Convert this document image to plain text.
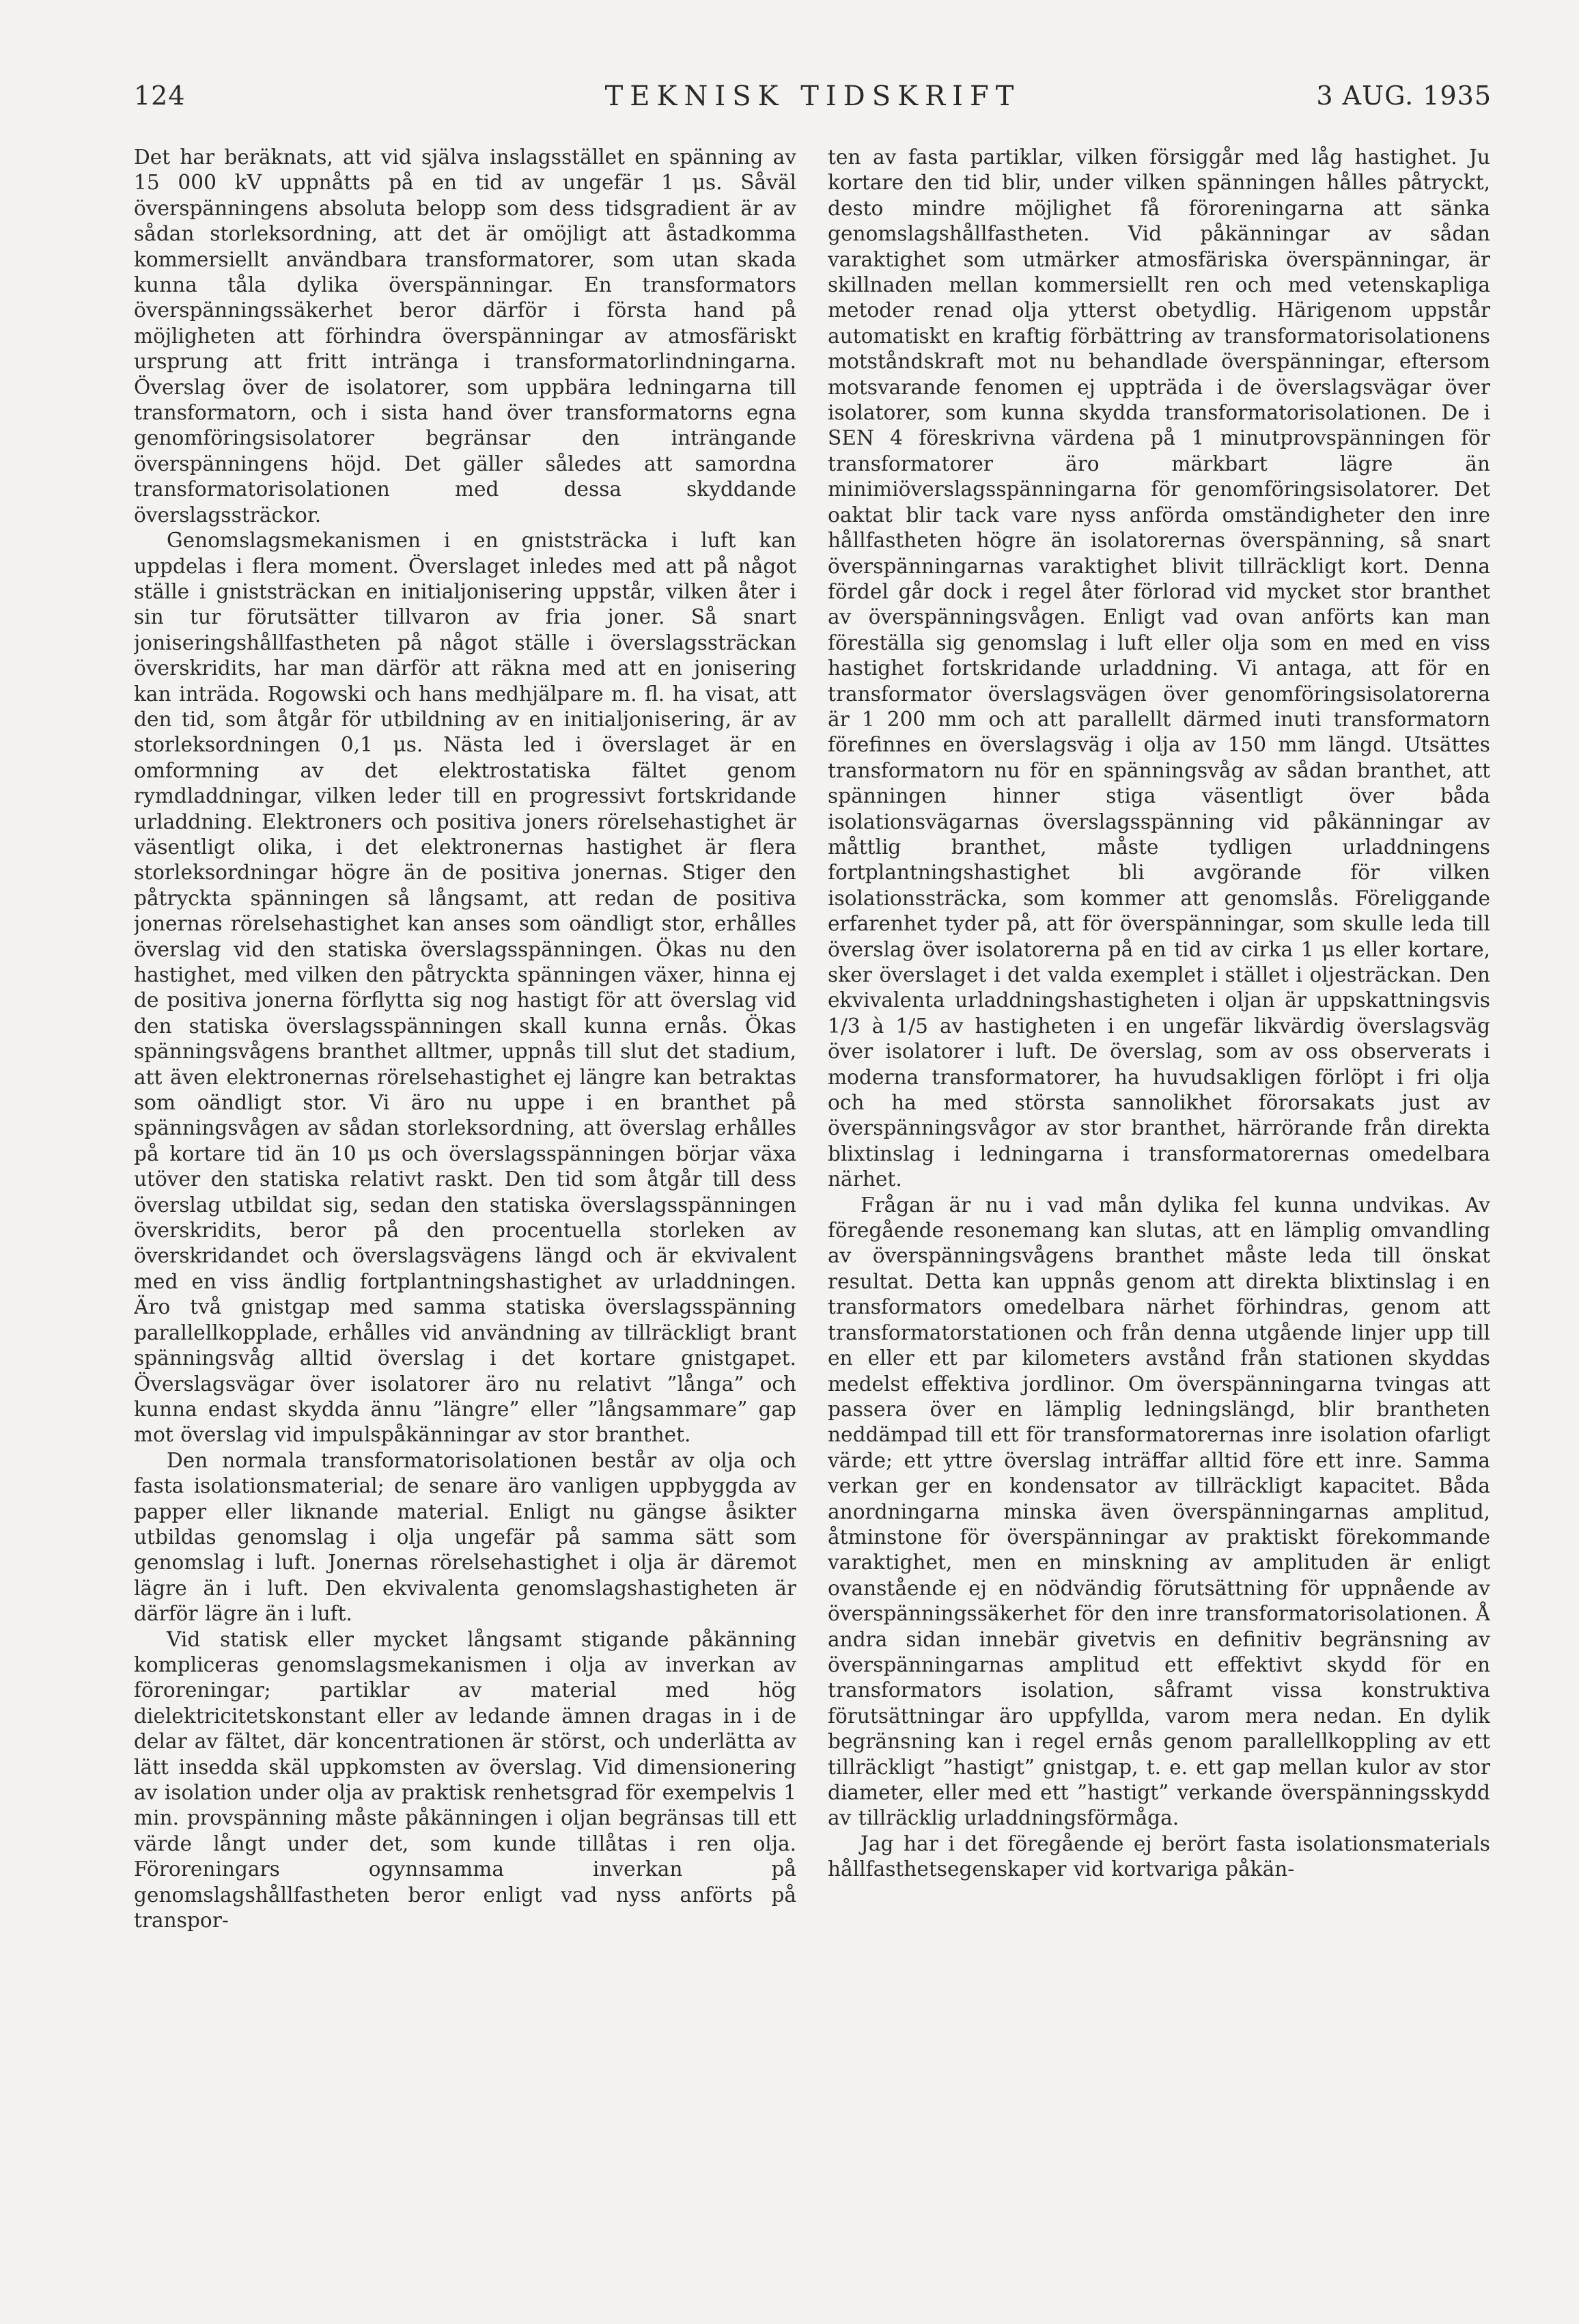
124	TEKNISK TIDSKRIFT	3 AUG. 1935

Det har beräknats, att vid själva inslagsstället en spänning av 15 000 kV uppnåtts på en tid av ungefär 1 μs. Såväl överspänningens absoluta belopp som dess tidsgradient är av sådan storleksordning, att det är omöjligt att åstadkomma kommersiellt användbara transformatorer, som utan skada kunna tåla dylika överspänningar. En transformators överspänningssäkerhet beror därför i första hand på möjligheten att förhindra överspänningar av atmosfäriskt ursprung att fritt inträngа i transformatorlindningarna. Överslag över de isolatorer, som uppbära ledningarna till transformatorn, och i sista hand över transformatorns egna genomföringsisolatorer begränsar den inträngande överspänningens höjd. Det gäller således att samordna transformatorisolationen med dessa skyddande överslagssträckor.

Genomslagsmekanismen i en gniststräcka i luft kan uppdelas i flera moment. Överslaget inledes med att på något ställe i gniststräckan en initialjonisering uppstår, vilken åter i sin tur förutsätter tillvaron av fria joner. Så snart joniseringshållfastheten på något ställe i överslagssträckan överskridits, har man därför att räkna med att en jonisering kan inträda. Rogowski och hans medhjälpare m. fl. ha visat, att den tid, som åtgår för utbildning av en initialjonisering, är av storleksordningen 0,1 μs. Nästa led i överslaget är en omformning av det elektrostatiska fältet genom rymdladdningar, vilken leder till en progressivt fortskridande urladdning. Elektroners och positiva joners rörelsehastighet är väsentligt olika, i det elektronernas hastighet är flera storleksordningar högre än de positiva jonernas. Stiger den påtryckta spänningen så långsamt, att redan de positiva jonernas rörelsehastighet kan anses som oändligt stor, erhålles överslag vid den statiska överslagsspänningen. Ökas nu den hastighet, med vilken den påtryckta spänningen växer, hinna ej de positiva jonerna förflytta sig nog hastigt för att överslag vid den statiska överslagsspänningen skall kunna ernås. Ökas spänningsvågens branthet alltmer, uppnås till slut det stadium, att även elektronernas rörelsehastighet ej längre kan betraktas som oändligt stor. Vi äro nu uppe i en branthet på spänningsvågen av sådan storleksordning, att överslag erhålles på kortare tid än 10 μs och överslagsspänningen börjar växa utöver den statiska relativt raskt. Den tid som åtgår till dess överslag utbildat sig, sedan den statiska överslagsspänningen överskridits, beror på den procentuella storleken av överskridandet och överslagsvägens längd och är ekvivalent med en viss ändlig fortplantningshastighet av urladdningen. Äro två gnistgap med samma statiska överslagsspänning parallellkopplade, erhålles vid användning av tillräckligt brant spänningsvåg alltid överslag i det kortare gnistgapet. Överslagsvägar över isolatorer äro nu relativt ”långa” och kunna endast skydda ännu ”längre” eller ”långsammare” gap mot överslag vid impulspåkänningar av stor branthet.

Den normala transformatorisolationen består av olja och fasta isolationsmaterial; de senare äro vanligen uppbyggda av papper eller liknande material. Enligt nu gängse åsikter utbildas genomslag i olja ungefär på samma sätt som genomslag i luft. Jonernas rörelsehastighet i olja är däremot lägre än i luft. Den ekvivalenta genomslagshastigheten är därför lägre än i luft.

Vid statisk eller mycket långsamt stigande påkänning kompliceras genomslagsmekanismen i olja av inverkan av föroreningar; partiklar av material med hög dielektricitetskonstant eller av ledande ämnen dragas in i de delar av fältet, där koncentrationen är störst, och underlätta av lätt insedda skäl uppkomsten av överslag. Vid dimensionering av isolation under olja av praktisk renhetsgrad för exempelvis 1 min. provspänning måste påkänningen i oljan begränsas till ett värde långt under det, som kunde tillåtas i ren olja. Föroreningars ogynnsamma inverkan på genomslagshållfastheten beror enligt vad nyss anförts på transpor-

ten av fasta partiklar, vilken försiggår med låg hastighet. Ju kortare den tid blir, under vilken spänningen hålles påtryckt, desto mindre möjlighet få föroreningarna att sänka genomslagshållfastheten. Vid påkänningar av sådan varaktighet som utmärker atmosfäriska överspänningar, är skillnaden mellan kommersiellt ren och med vetenskapliga metoder renad olja ytterst obetydlig. Härigenom uppstår automatiskt en kraftig förbättring av transformatorisolationens motståndskraft mot nu behandlade överspänningar, eftersom motsvarande fenomen ej uppträda i de överslagsvägar över isolatorer, som kunna skydda transformatorisolationen. De i SEN 4 föreskrivna värdena på 1 minutprovspänningen för transformatorer äro märkbart lägre än minimiöverslagsspänningarna för genomföringsisolatorer. Det oaktat blir tack vare nyss anförda omständigheter den inre hållfastheten högre än isolatorernas överspänning, så snart överspänningarnas varaktighet blivit tillräckligt kort. Denna fördel går dock i regel åter förlorad vid mycket stor branthet av överspänningsvågen. Enligt vad ovan anförts kan man föreställa sig genomslag i luft eller olja som en med en viss hastighet fortskridande urladdning. Vi antaga, att för en transformator överslagsvägen över genomföringsisolatorerna är 1 200 mm och att parallellt därmed inuti transformatorn förefinnes en överslagsväg i olja av 150 mm längd. Utsättes transformatorn nu för en spänningsvåg av sådan branthet, att spänningen hinner stiga väsentligt över båda isolationsvägarnas överslagsspänning vid påkänningar av måttlig branthet, måste tydligen urladdningens fortplantningshastighet bli avgörande för vilken isolationssträcka, som kommer att genomslås. Föreliggande erfarenhet tyder på, att för överspänningar, som skulle leda till överslag över isolatorerna på en tid av cirka 1 μs eller kortare, sker överslaget i det valda exemplet i stället i oljesträckan. Den ekvivalenta urladdningshastigheten i oljan är uppskattningsvis 1/3 à 1/5 av hastigheten i en ungefär likvärdig överslagsväg över isolatorer i luft. De överslag, som av oss observerats i moderna transformatorer, ha huvudsakligen förlöpt i fri olja och ha med största sannolikhet förorsakats just av överspänningsvågor av stor branthet, härrörande från direkta blixtinslag i ledningarna i transformatorernas omedelbara närhet.

Frågan är nu i vad mån dylika fel kunna undvikas. Av föregående resonemang kan slutas, att en lämplig omvandling av överspänningsvågens branthet måste leda till önskat resultat. Detta kan uppnås genom att direkta blixtinslag i en transformators omedelbara närhet förhindras, genom att transformatorstationen och från denna utgående linjer upp till en eller ett par kilometers avstånd från stationen skyddas medelst effektiva jordlinor. Om överspänningarna tvingas att passera över en lämplig ledningslängd, blir brantheten neddämpad till ett för transformatorernas inre isolation ofarligt värde; ett yttre överslag inträffar alltid före ett inre. Samma verkan ger en kondensator av tillräckligt kapacitet. Båda anordningarna minska även överspänningarnas amplitud, åtminstone för överspänningar av praktiskt förekommande varaktighet, men en minskning av amplituden är enligt ovanstående ej en nödvändig förutsättning för uppnående av överspänningssäkerhet för den inre transformatorisolationen. Å andra sidan innebär givetvis en definitiv begränsning av överspänningarnas amplitud ett effektivt skydd för en transformators isolation, såframt vissa konstruktiva förutsättningar äro uppfyllda, varom mera nedan. En dylik begränsning kan i regel ernås genom parallellkoppling av ett tillräckligt ”hastigt” gnistgap, t. e. ett gap mellan kulor av stor diameter, eller med ett ”hastigt” verkande överspänningsskydd av tillräcklig urladdningsförmåga.

Jag har i det föregående ej berört fasta isolationsmaterials hållfasthetsegenskaper vid kortvariga påkän-
